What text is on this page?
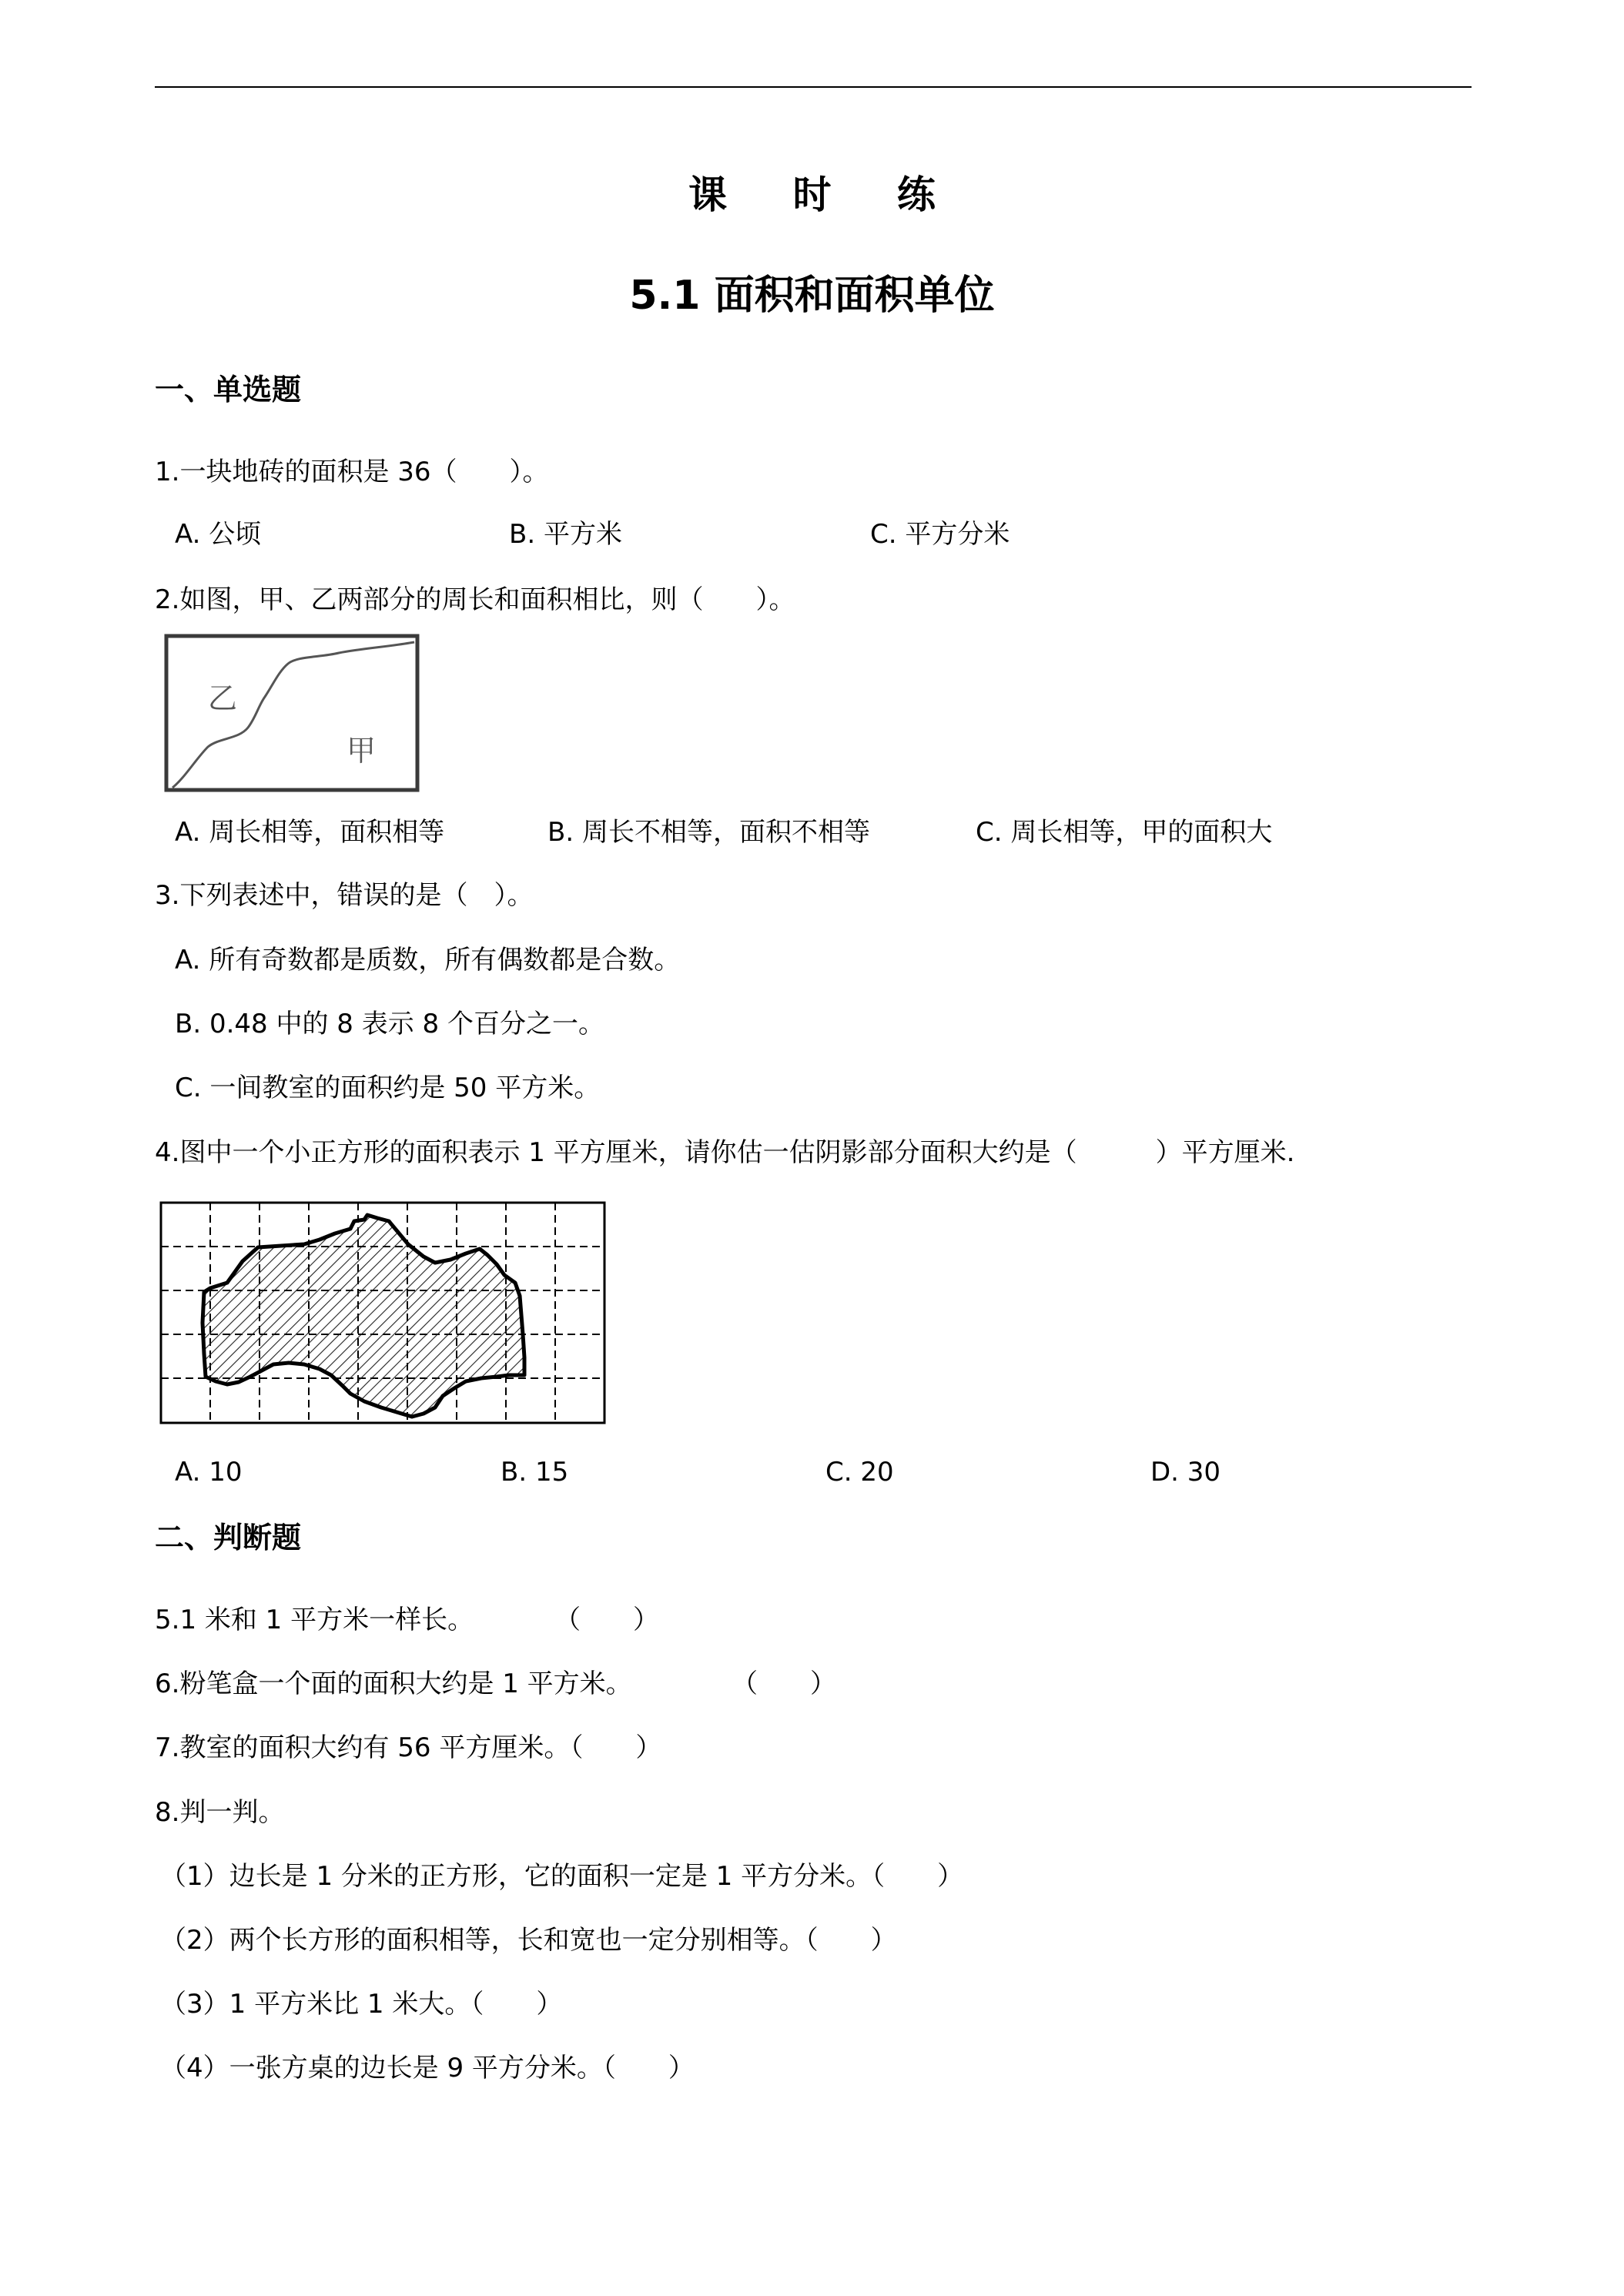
课 时 练
5.1 面积和面积单位
一、单选题
1.一块地砖的面积是 36（　　）。
A. 公顷	B. 平方米	C. 平方分米
2.如图，甲、乙两部分的周长和面积相比，则（　　）。
乙
甲
A. 周长相等，面积相等	B. 周长不相等，面积不相等	C. 周长相等，甲的面积大
3.下列表述中，错误的是（　）。
A. 所有奇数都是质数，所有偶数都是合数。
B. 0.48 中的 8 表示 8 个百分之一。
C. 一间教室的面积约是 50 平方米。
4.图中一个小正方形的面积表示 1 平方厘米，请你估一估阴影部分面积大约是（　　　）平方厘米.
A. 10	B. 15	C. 20	D. 30
二、判断题
5.1 米和 1 平方米一样长。	（　　）
6.粉笔盒一个面的面积大约是 1 平方米。	（　　）
7.教室的面积大约有 56 平方厘米。（　　）
8.判一判。
（1）边长是 1 分米的正方形，它的面积一定是 1 平方分米。（　　）
（2）两个长方形的面积相等，长和宽也一定分别相等。（　　）
（3）1 平方米比 1 米大。（　　）
（4）一张方桌的边长是 9 平方分米。（　　）
